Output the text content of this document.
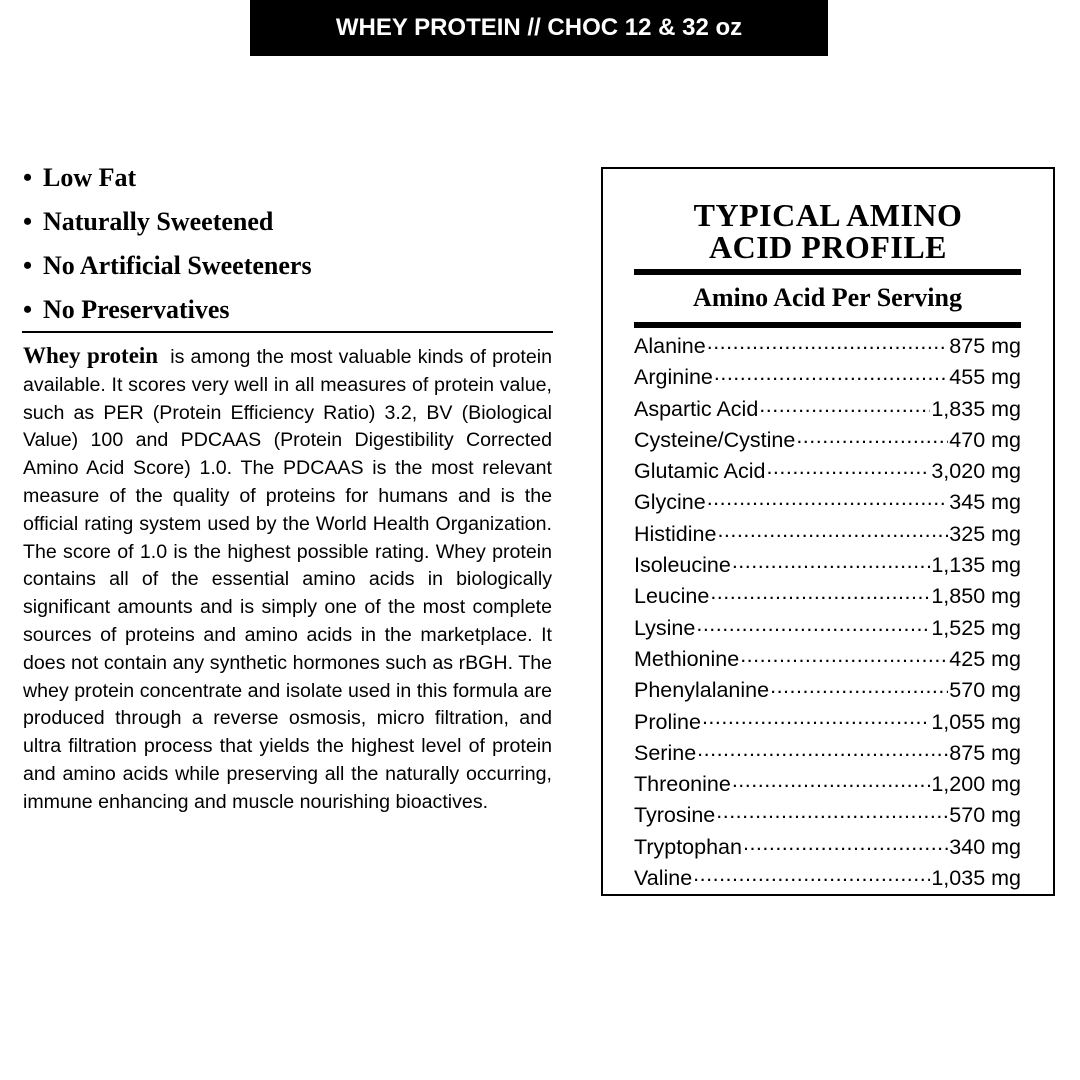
WHEY PROTEIN // CHOC 12 & 32 oz
• Low Fat
• Naturally Sweetened
• No Artificial Sweeteners
• No Preservatives

Whey protein is among the most valuable kinds of protein available. It scores very well in all measures of protein value, such as PER (Protein Efficiency Ratio) 3.2, BV (Biological Value) 100 and PDCAAS (Protein Digestibility Corrected Amino Acid Score) 1.0. The PDCAAS is the most relevant measure of the quality of proteins for humans and is the official rating system used by the World Health Organization. The score of 1.0 is the highest possible rating. Whey protein contains all of the essential amino acids in biologically significant amounts and is simply one of the most complete sources of proteins and amino acids in the marketplace. It does not contain any synthetic hormones such as rBGH. The whey protein concentrate and isolate used in this formula are produced through a reverse osmosis, micro filtration, and ultra filtration process that yields the highest level of protein and amino acids while preserving all the naturally occurring, immune enhancing and muscle nourishing bioactives.

TYPICAL AMINO
ACID PROFILE
Amino Acid Per Serving
Alanine .....	875 mg
Arginine .....	455 mg
Aspartic Acid .....	1,835 mg
Cysteine/Cystine .....	470 mg
Glutamic Acid .....	3,020 mg
Glycine .....	345 mg
Histidine .....	325 mg
Isoleucine .....	1,135 mg
Leucine .....	1,850 mg
Lysine .....	1,525 mg
Methionine .....	425 mg
Phenylalanine .....	570 mg
Proline .....	1,055 mg
Serine .....	875 mg
Threonine .....	1,200 mg
Tyrosine .....	570 mg
Tryptophan .....	340 mg
Valine .....	1,035 mg
